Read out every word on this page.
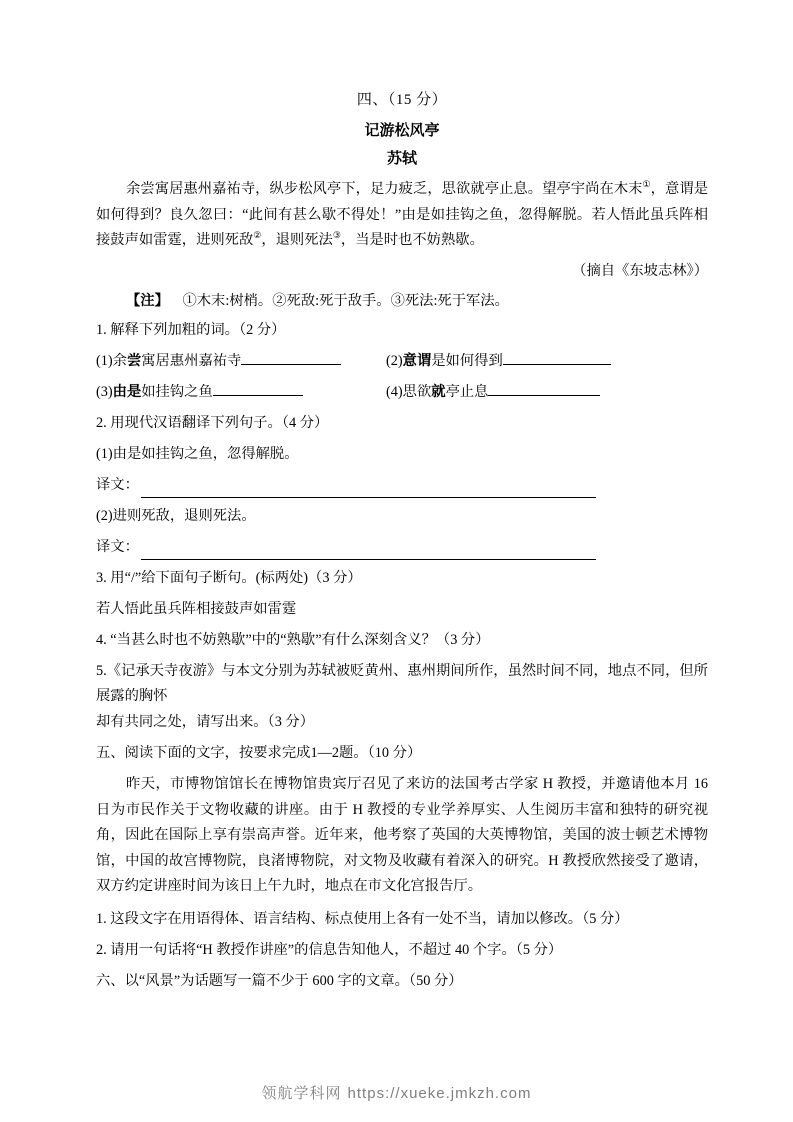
四、（15 分）
记游松风亭
苏轼
余尝寓居惠州嘉祐寺，纵步松风亭下，足力疲乏，思欲就亭止息。望亭宇尚在木末①，意谓是如何得到？良久忽曰：“此间有甚么歇不得处！”由是如挂钩之鱼，忽得解脱。若人悟此虽兵阵相接鼓声如雷霆，进则死敌②，退则死法③，当是时也不妨熟歇。
（摘自《东坡志林》）
【注】 ①木末:树梢。②死敌:死于敌手。③死法:死于军法。
1. 解释下列加粗的词。（2 分）
(1)余尝寓居惠州嘉祐寺	(2)意谓是如何得到
(3)由是如挂钩之鱼	(4)思欲就亭止息
2. 用现代汉语翻译下列句子。（4 分）
(1)由是如挂钩之鱼，忽得解脱。
译文：
(2)进则死敌，退则死法。
译文：
3. 用“/”给下面句子断句。(标两处)（3 分）
若人悟此虽兵阵相接鼓声如雷霆
4. “当甚么时也不妨熟歇”中的“熟歇”有什么深刻含义？（3 分）
5.《记承天寺夜游》与本文分别为苏轼被贬黄州、惠州期间所作，虽然时间不同，地点不同，但所展露的胸怀
却有共同之处，请写出来。（3 分）
五、阅读下面的文字，按要求完成1—2题。（10 分）
昨天，市博物馆馆长在博物馆贵宾厅召见了来访的法国考古学家 H 教授，并邀请他本月 16 日为市民作关于文物收藏的讲座。由于 H 教授的专业学养厚实、人生阅历丰富和独特的研究视角，因此在国际上享有崇高声誉。近年来，他考察了英国的大英博物馆，美国的波士顿艺术博物馆，中国的故宫博物院，良渚博物院，对文物及收藏有着深入的研究。H 教授欣然接受了邀请，双方约定讲座时间为该日上午九时，地点在市文化宫报告厅。
1. 这段文字在用语得体、语言结构、标点使用上各有一处不当，请加以修改。（5 分）
2. 请用一句话将“H 教授作讲座”的信息告知他人，不超过 40 个字。（5 分）
六、以“风景”为话题写一篇不少于 600 字的文章。（50 分）
领航学科网 https://xueke.jmkzh.com
